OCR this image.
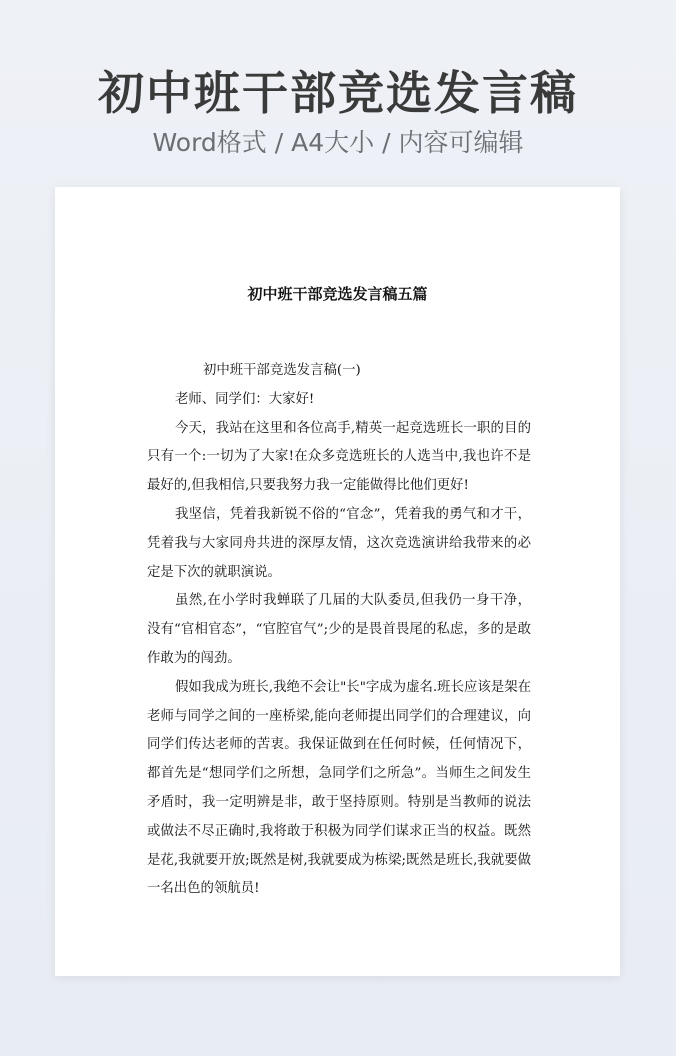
初中班干部竞选发言稿
Word格式 / A4大小 / 内容可编辑
初中班干部竞选发言稿五篇

初中班干部竞选发言稿(一)

老师、同学们：大家好!

今天，我站在这里和各位高手,精英一起竞选班长一职的目的只有一个:一切为了大家!在众多竞选班长的人选当中,我也许不是最好的,但我相信,只要我努力我一定能做得比他们更好!

我坚信，凭着我新锐不俗的“官念”，凭着我的勇气和才干，凭着我与大家同舟共进的深厚友情，这次竞选演讲给我带来的必定是下次的就职演说。

虽然,在小学时我蝉联了几届的大队委员,但我仍一身干净，没有“官相官态”，“官腔官气”;少的是畏首畏尾的私虑，多的是敢作敢为的闯劲。

假如我成为班长,我绝不会让"长"字成为虚名.班长应该是架在老师与同学之间的一座桥梁,能向老师提出同学们的合理建议，向同学们传达老师的苦衷。我保证做到在任何时候，任何情况下，都首先是“想同学们之所想，急同学们之所急”。当师生之间发生矛盾时，我一定明辨是非，敢于坚持原则。特别是当教师的说法或做法不尽正确时,我将敢于积极为同学们谋求正当的权益。既然是花,我就要开放;既然是树,我就要成为栋梁;既然是班长,我就要做一名出色的领航员!
